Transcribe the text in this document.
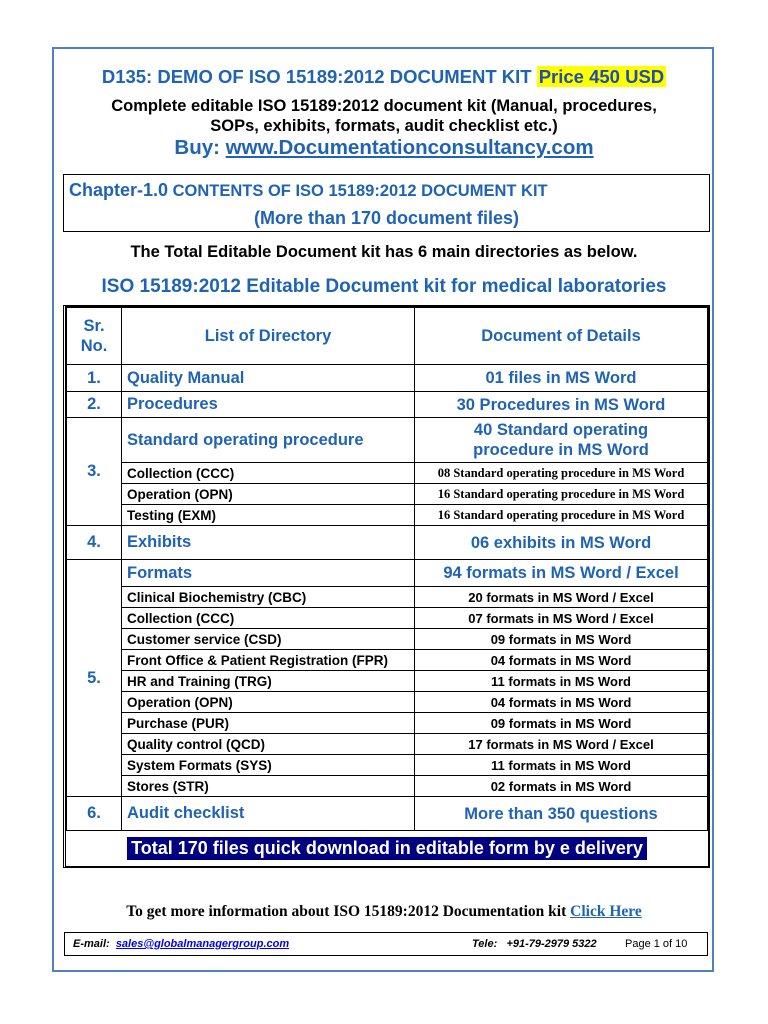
D135: DEMO OF ISO 15189:2012 DOCUMENT KIT Price 450 USD
Complete editable ISO 15189:2012 document kit (Manual, procedures,
SOPs, exhibits, formats, audit checklist etc.)
Buy: www.Documentationconsultancy.com
Chapter-1.0 CONTENTS OF ISO 15189:2012 DOCUMENT KIT
(More than 170 document files)
The Total Editable Document kit has 6 main directories as below.
ISO 15189:2012 Editable Document kit for medical laboratories
Sr.
No.	List of Directory	Document of Details
1.	Quality Manual	01 files in MS Word
2.	Procedures	30 Procedures in MS Word
3.	Standard operating procedure	40 Standard operating
procedure in MS Word
	Collection (CCC)	08 Standard operating procedure in MS Word
	Operation (OPN)	16 Standard operating procedure in MS Word
	Testing (EXM)	16 Standard operating procedure in MS Word
4.	Exhibits	06 exhibits in MS Word
5.	Formats	94 formats in MS Word / Excel
	Clinical Biochemistry (CBC)	20 formats in MS Word / Excel
	Collection (CCC)	07 formats in MS Word / Excel
	Customer service (CSD)	09 formats in MS Word
	Front Office & Patient Registration (FPR)	04 formats in MS Word
	HR and Training (TRG)	11 formats in MS Word
	Operation (OPN)	04 formats in MS Word
	Purchase (PUR)	09 formats in MS Word
	Quality control (QCD)	17 formats in MS Word / Excel
	System Formats (SYS)	11 formats in MS Word
	Stores (STR)	02 formats in MS Word
6.	Audit checklist	More than 350 questions
Total 170 files quick download in editable form by e delivery		
To get more information about ISO 15189:2012 Documentation kit Click Here
E-mail: sales@globalmanagergroup.com	Tele: +91-79-2979 5322	Page 1 of 10
